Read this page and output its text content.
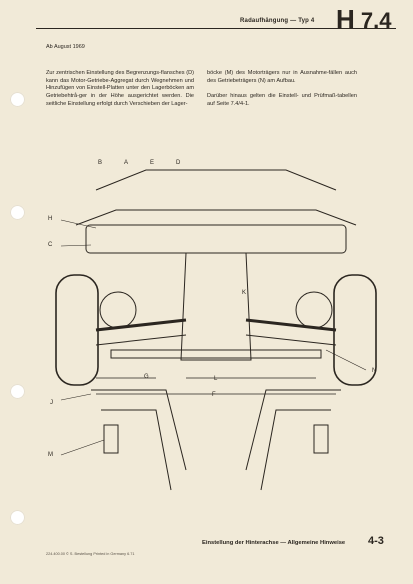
Radaufhängung — Typ 4 H 7.4
Ab August 1969

Zur zentrischen Einstellung des Begrenzungs-flansches (D) kann das Motor-Getriebe-Aggregat durch Wegnehmen und Hinzufügen von Einstell-Platten unter den Lagerböcken am Getriebehtrå-ger in der Höhe ausgerichtet werden. Die seitliche Einstellung erfolgt durch Verschieben der Lager-

böcke (M) des Motorträgers nur in Ausnahme-fällen auch des Getriebeträgers (N) am Aufbau.

Darüber hinaus gelten die Einstell- und Prüfmaß-tabellen auf Seite 7.4/4-1.

B	A	E	D
H
C
K
G	L
F
J
N
M
Einstellung der Hinterachse — Allgemeine Hinweise 4-3
224.400.00 © S. Bestellung Printed in Germany 6.71
